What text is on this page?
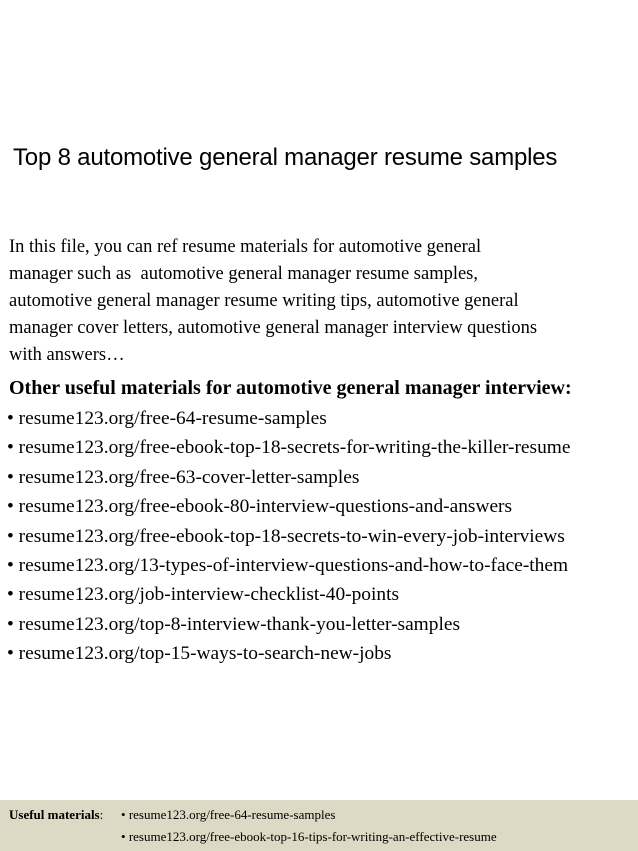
Top 8 automotive general manager resume samples

In this file, you can ref resume materials for automotive general
manager such as  automotive general manager resume samples,
automotive general manager resume writing tips, automotive general
manager cover letters, automotive general manager interview questions
with answers…

Other useful materials for automotive general manager interview:
• resume123.org/free-64-resume-samples
• resume123.org/free-ebook-top-18-secrets-for-writing-the-killer-resume
• resume123.org/free-63-cover-letter-samples
• resume123.org/free-ebook-80-interview-questions-and-answers
• resume123.org/free-ebook-top-18-secrets-to-win-every-job-interviews
• resume123.org/13-types-of-interview-questions-and-how-to-face-them
• resume123.org/job-interview-checklist-40-points
• resume123.org/top-8-interview-thank-you-letter-samples
• resume123.org/top-15-ways-to-search-new-jobs
Useful materials: • resume123.org/free-64-resume-samples
• resume123.org/free-ebook-top-16-tips-for-writing-an-effective-resume
